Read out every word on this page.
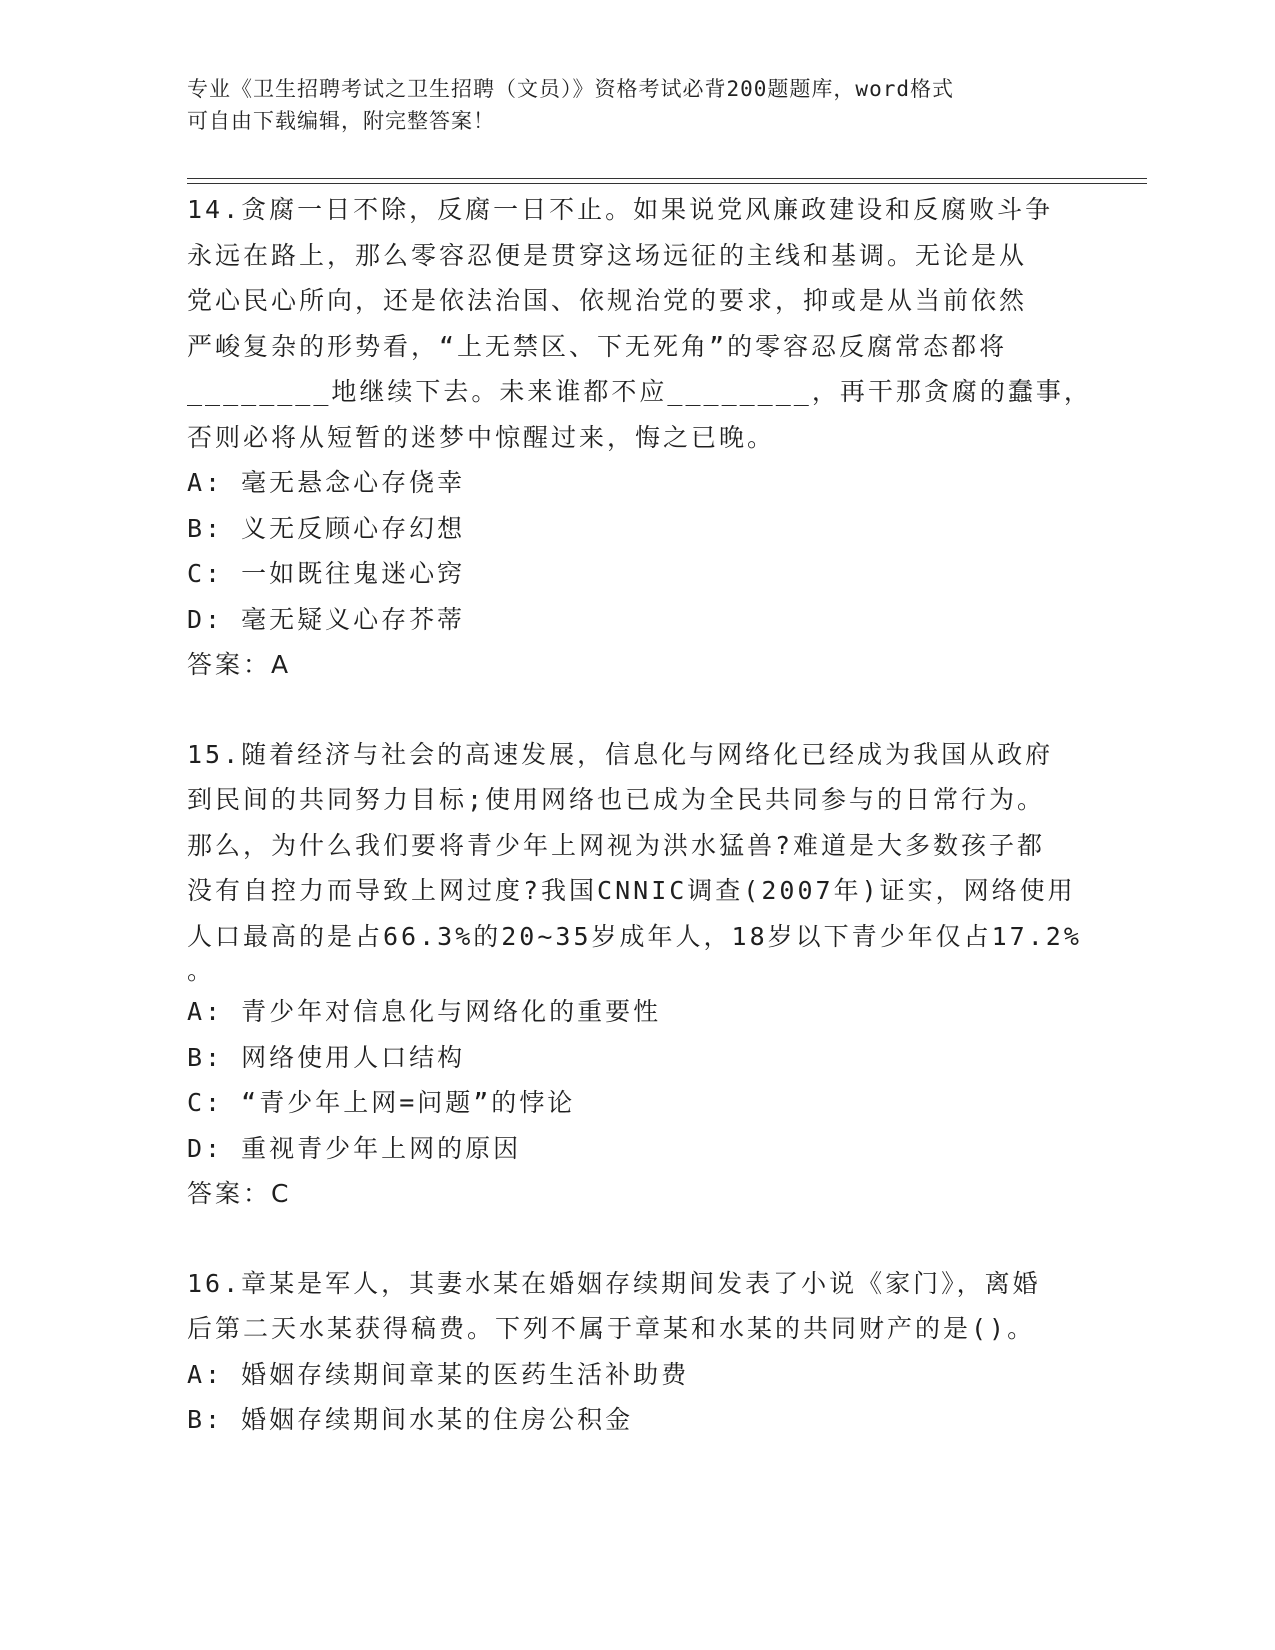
专业《卫生招聘考试之卫生招聘（文员）》资格考试必背200题题库，word格式
可自由下载编辑，附完整答案！
14.贪腐一日不除，反腐一日不止。如果说党风廉政建设和反腐败斗争
永远在路上，那么零容忍便是贯穿这场远征的主线和基调。无论是从
党心民心所向，还是依法治国、依规治党的要求，抑或是从当前依然
严峻复杂的形势看，“上无禁区、下无死角”的零容忍反腐常态都将
________地继续下去。未来谁都不应________，再干那贪腐的蠢事，
否则必将从短暂的迷梦中惊醒过来，悔之已晚。
A: 毫无悬念心存侥幸
B: 义无反顾心存幻想
C: 一如既往鬼迷心窍
D: 毫无疑义心存芥蒂
答案：A
15.随着经济与社会的高速发展，信息化与网络化已经成为我国从政府
到民间的共同努力目标;使用网络也已成为全民共同参与的日常行为。
那么，为什么我们要将青少年上网视为洪水猛兽?难道是大多数孩子都
没有自控力而导致上网过度?我国CNNIC调查(2007年)证实，网络使用
人口最高的是占66.3%的20~35岁成年人，18岁以下青少年仅占17.2%
。
A: 青少年对信息化与网络化的重要性
B: 网络使用人口结构
C: “青少年上网=问题”的悖论
D: 重视青少年上网的原因
答案：C
16.章某是军人，其妻水某在婚姻存续期间发表了小说《家门》，离婚
后第二天水某获得稿费。下列不属于章某和水某的共同财产的是()。
A: 婚姻存续期间章某的医药生活补助费
B: 婚姻存续期间水某的住房公积金
